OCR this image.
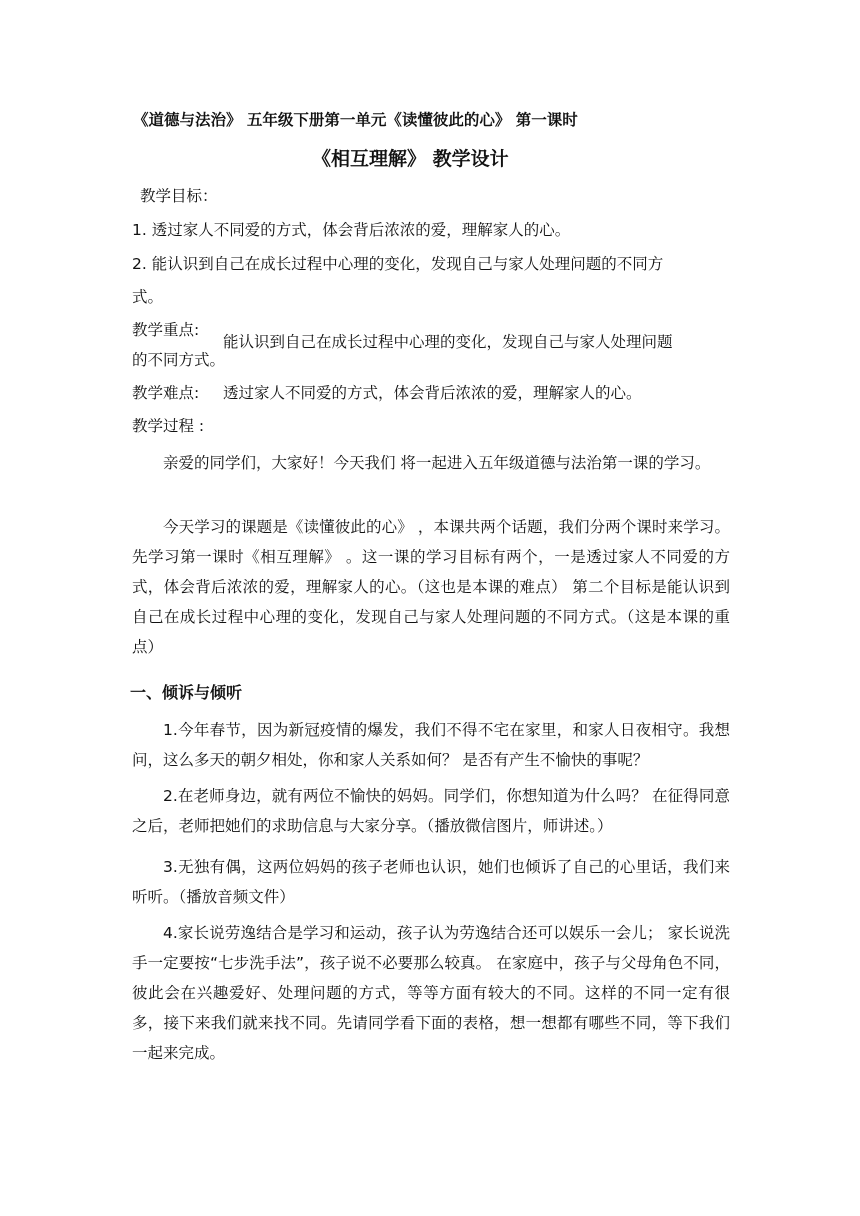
《道德与法治》 五年级下册第一单元《读懂彼此的心》 第一课时
《相互理解》 教学设计
教学目标：
1. 透过家人不同爱的方式，体会背后浓浓的爱，理解家人的心。
2. 能认识到自己在成长过程中心理的变化，发现自己与家人处理问题的不同方
式。
教学重点:
能认识到自己在成长过程中心理的变化，发现自己与家人处理问题
的不同方式。
教学难点: 透过家人不同爱的方式，体会背后浓浓的爱，理解家人的心。
教学过程 :

亲爱的同学们，大家好！今天我们 将一起进入五年级道德与法治第一课的学习。

今天学习的课题是《读懂彼此的心》 ，本课共两个话题，我们分两个课时来学习。先学习第一课时《相互理解》 。这一课的学习目标有两个，一是透过家人不同爱的方式，体会背后浓浓的爱，理解家人的心。（这也是本课的难点） 第二个目标是能认识到自己在成长过程中心理的变化，发现自己与家人处理问题的不同方式。（这是本课的重点）

一、倾诉与倾听

1.今年春节，因为新冠疫情的爆发，我们不得不宅在家里，和家人日夜相守。我想问，这么多天的朝夕相处，你和家人关系如何？ 是否有产生不愉快的事呢？

2.在老师身边，就有两位不愉快的妈妈。同学们，你想知道为什么吗？ 在征得同意之后，老师把她们的求助信息与大家分享。（播放微信图片，师讲述。）

3.无独有偶，这两位妈妈的孩子老师也认识，她们也倾诉了自己的心里话，我们来听听。（播放音频文件）

4.家长说劳逸结合是学习和运动，孩子认为劳逸结合还可以娱乐一会儿； 家长说洗手一定要按“七步洗手法”，孩子说不必要那么较真。 在家庭中，孩子与父母角色不同，彼此会在兴趣爱好、处理问题的方式，等等方面有较大的不同。这样的不同一定有很多，接下来我们就来找不同。先请同学看下面的表格，想一想都有哪些不同，等下我们一起来完成。
